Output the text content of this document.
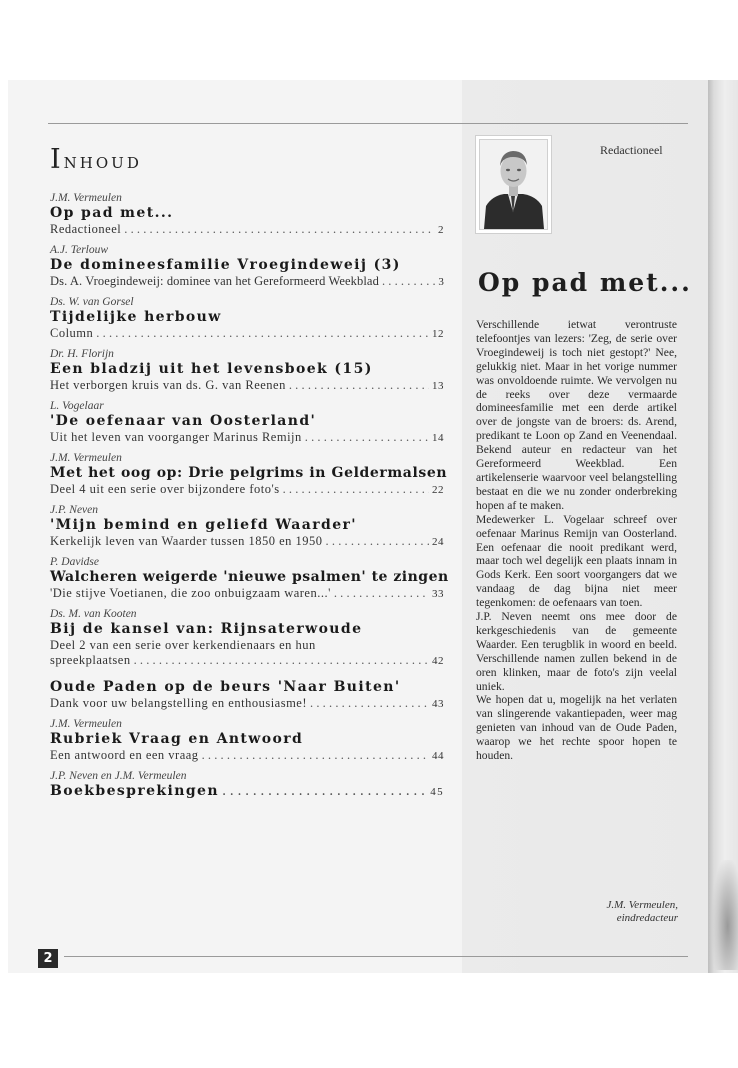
2
Inhoud
J.M. Vermeulen
Op pad met...
Redactioneel .....	2
A.J. Terlouw
De domineesfamilie Vroegindeweij (3)
Ds. A. Vroegindeweij: dominee van het Gereformeerd Weekblad .....	3
Ds. W. van Gorsel
Tijdelijke herbouw
Column .....	12
Dr. H. Florijn
Een bladzij uit het levensboek (15)
Het verborgen kruis van ds. G. van Reenen .....	13
L. Vogelaar
'De oefenaar van Oosterland'
Uit het leven van voorganger Marinus Remijn .....	14
J.M. Vermeulen
Met het oog op: Drie pelgrims in Geldermalsen
Deel 4 uit een serie over bijzondere foto's .....	22
J.P. Neven
'Mijn bemind en geliefd Waarder'
Kerkelijk leven van Waarder tussen 1850 en 1950 .....	24
P. Davidse
Walcheren weigerde 'nieuwe psalmen' te zingen
'Die stijve Voetianen, die zoo onbuigzaam waren...' .....	33
Ds. M. van Kooten
Bij de kansel van: Rijnsaterwoude
Deel 2 van een serie over kerkendienaars en hun
spreekplaatsen .....	42
Oude Paden op de beurs 'Naar Buiten'
Dank voor uw belangstelling en enthousiasme! .....	43
J.M. Vermeulen
Rubriek Vraag en Antwoord
Een antwoord en een vraag .....	44
J.P. Neven en J.M. Vermeulen
Boekbesprekingen .....	45
Redactioneel
Op pad met...

Verschillende ietwat verontruste telefoontjes van lezers: 'Zeg, de serie over Vroegindeweij is toch niet gestopt?' Nee, gelukkig niet. Maar in het vorige nummer was onvoldoende ruimte. We vervolgen nu de reeks over deze vermaarde domineesfamilie met een derde artikel over de jongste van de broers: ds. Arend, predikant te Loon op Zand en Veenendaal. Bekend auteur en redacteur van het Gereformeerd Weekblad. Een artikelenserie waarvoor veel belangstelling bestaat en die we nu zonder onderbreking hopen af te maken.

Medewerker L. Vogelaar schreef over oefenaar Marinus Remijn van Oosterland. Een oefenaar die nooit predikant werd, maar toch wel degelijk een plaats innam in Gods Kerk. Een soort voorgangers dat we vandaag de dag bijna niet meer tegenkomen: de oefenaars van toen.

J.P. Neven neemt ons mee door de kerkgeschiedenis van de gemeente Waarder. Een terugblik in woord en beeld. Verschillende namen zullen bekend in de oren klinken, maar de foto's zijn veelal uniek.

We hopen dat u, mogelijk na het verlaten van slingerende vakantiepaden, weer mag genieten van inhoud van de Oude Paden, waarop we het rechte spoor hopen te houden.

J.M. Vermeulen,
eindredacteur
